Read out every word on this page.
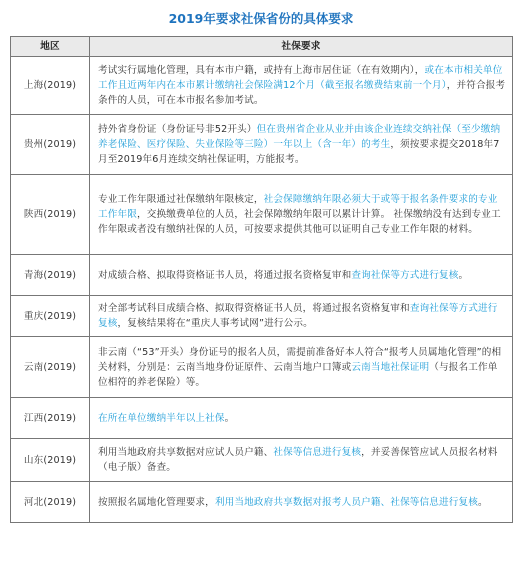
2019年要求社保省份的具体要求
地区	社保要求
上海(2019)	考试实行属地化管理，具有本市户籍，或持有上海市居住证（在有效期内），或在本市相关单位工作且近两年内在本市累计缴纳社会保险满12个月（截至报名缴费结束前一个月），并符合报考条件的人员，可在本市报名参加考试。
贵州(2019)	持外省身份证（身份证号非52开头）但在贵州省企业从业并由该企业连续交纳社保（至少缴纳养老保险、医疗保险、失业保险等三险）一年以上（含一年）的考生，须按要求提交2018年7月至2019年6月连续交纳社保证明，方能报考。
陕西(2019)	专业工作年限通过社保缴纳年限核定，社会保障缴纳年限必须大于或等于报名条件要求的专业工作年限，交换缴费单位的人员，社会保障缴纳年限可以累计计算。 社保缴纳没有达到专业工作年限或者没有缴纳社保的人员，可按要求提供其他可以证明自己专业工作年限的材料。
青海(2019)	对成绩合格、拟取得资格证书人员，将通过报名资格复审和查询社保等方式进行复核。
重庆(2019)	对全部考试科目成绩合格、拟取得资格证书人员，将通过报名资格复审和查询社保等方式进行复核，复核结果将在“重庆人事考试网”进行公示。
云南(2019)	非云南（“53”开头）身份证号的报名人员，需提前准备好本人符合“报考人员属地化管理”的相关材料，分别是：云南当地身份证原件、云南当地户口簿或云南当地社保证明（与报名工作单位相符的养老保险）等。
江西(2019)	在所在单位缴纳半年以上社保。
山东(2019)	利用当地政府共享数据对应试人员户籍、社保等信息进行复核，并妥善保管应试人员报名材料（电子版）备查。
河北(2019)	按照报名属地化管理要求，利用当地政府共享数据对报考人员户籍、社保等信息进行复核。
